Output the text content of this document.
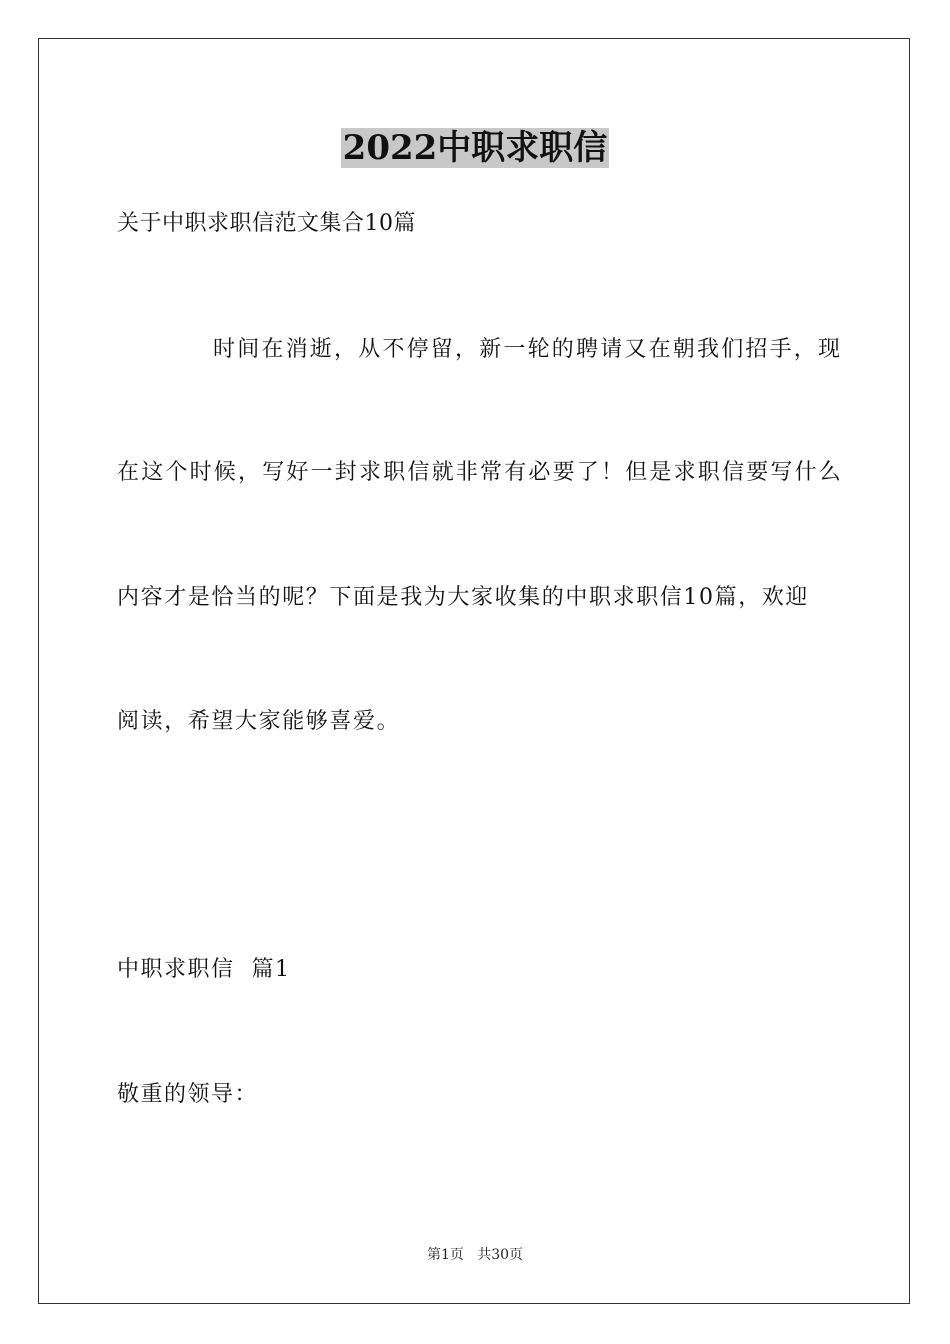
2022中职求职信
关于中职求职信范文集合10篇
时间在消逝，从不停留，新一轮的聘请又在朝我们招手，现
在这个时候，写好一封求职信就非常有必要了！但是求职信要写什么
内容才是恰当的呢？下面是我为大家收集的中职求职信10篇，欢迎
阅读，希望大家能够喜爱。
中职求职信  篇1
敬重的领导：
第1页   共30页
